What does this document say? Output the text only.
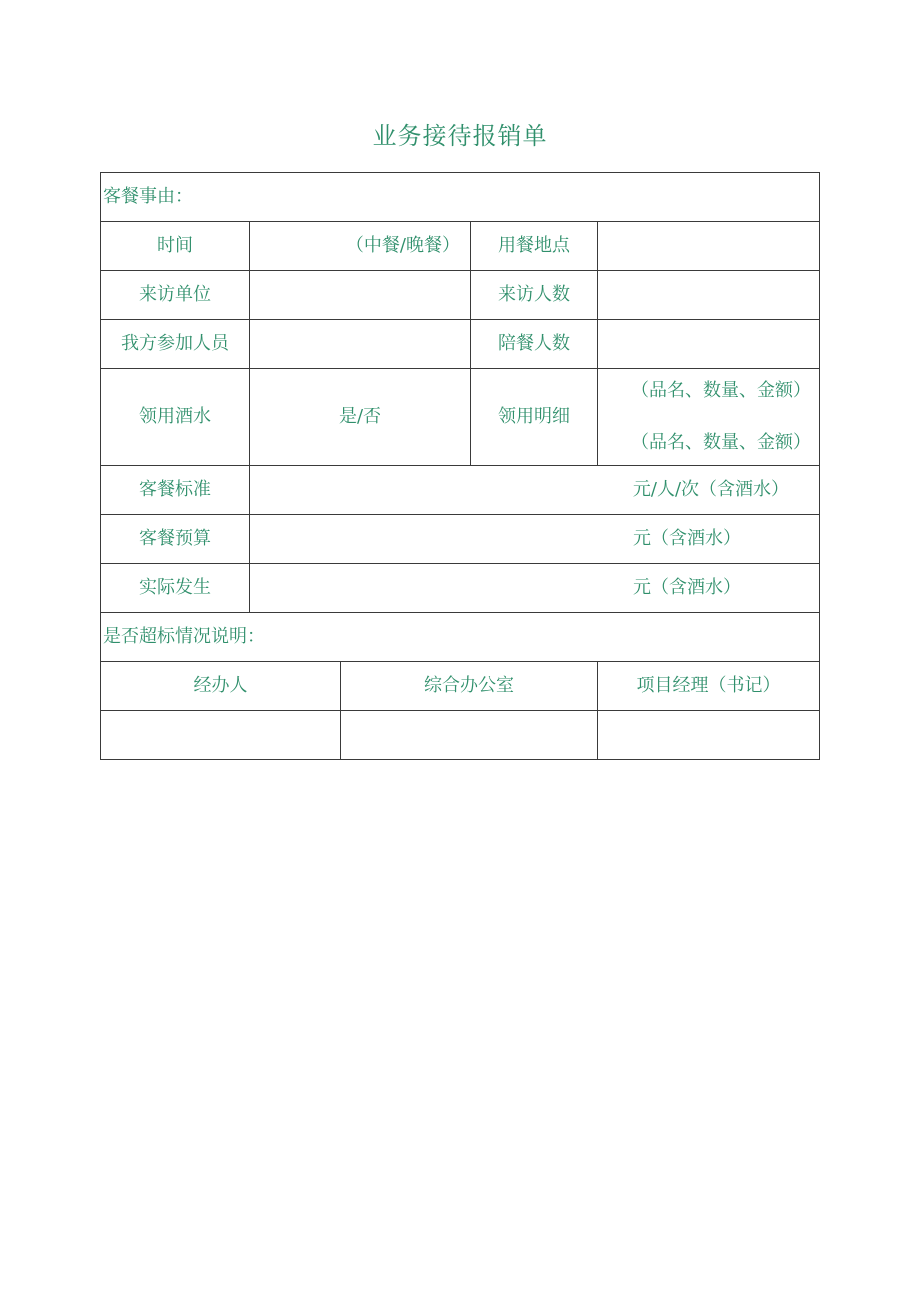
业务接待报销单
客餐事由：				
时间	（中餐/晚餐）		用餐地点	

来访单位			来访人数	

我方参加人员			陪餐人数	

领用酒水	是/否		领用明细	（品名、数量、金额）
（品名、数量、金额）

客餐标准	元/人/次（含酒水）			
客餐预算	元（含酒水）			
实际发生	元（含酒水）			
是否超标情况说明：				
经办人		综合办公室		项目经理（书记）
